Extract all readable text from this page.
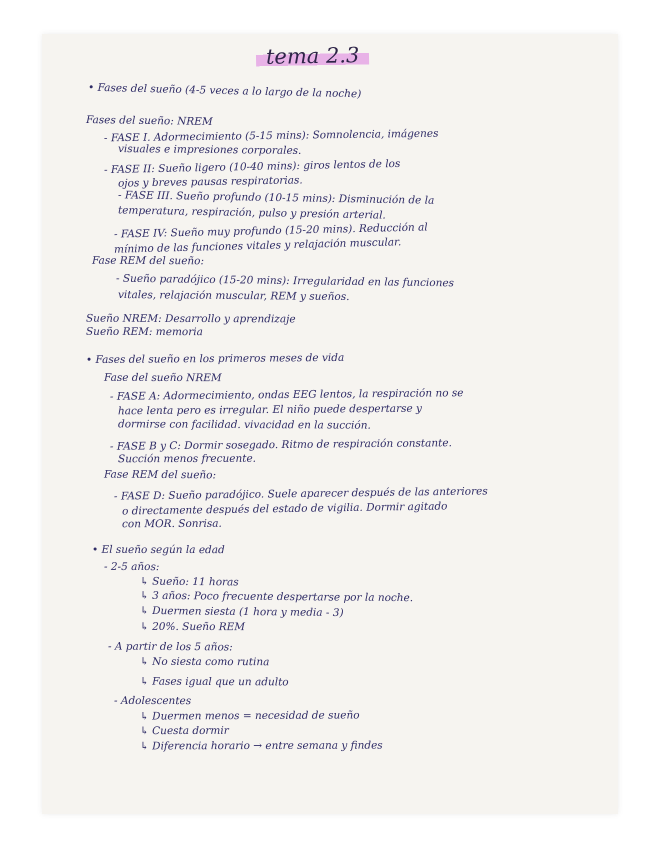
tema 2.3
• Fases del sueño (4-5 veces a lo largo de la noche)
Fases del sueño: NREM
- FASE I. Adormecimiento (5-15 mins): Somnolencia, imágenes
visuales e impresiones corporales.
- FASE II: Sueño ligero (10-40 mins): giros lentos de los
ojos y breves pausas respiratorias.
- FASE III. Sueño profundo (10-15 mins): Disminución de la
temperatura, respiración, pulso y presión arterial.
- FASE IV: Sueño muy profundo (15-20 mins). Reducción al
mínimo de las funciones vitales y relajación muscular.
Fase REM del sueño:
- Sueño paradójico (15-20 mins): Irregularidad en las funciones
vitales, relajación muscular, REM y sueños.
Sueño NREM: Desarrollo y aprendizaje
Sueño REM: memoria
• Fases del sueño en los primeros meses de vida
Fase del sueño NREM
- FASE A: Adormecimiento, ondas EEG lentos, la respiración no se
hace lenta pero es irregular. El niño puede despertarse y
dormirse con facilidad. vivacidad en la succión.
- FASE B y C: Dormir sosegado. Ritmo de respiración constante.
Succión menos frecuente.
Fase REM del sueño:
- FASE D: Sueño paradójico. Suele aparecer después de las anteriores
o directamente después del estado de vigilia. Dormir agitado
con MOR. Sonrisa.
• El sueño según la edad
- 2-5 años:
↳ Sueño: 11 horas
↳ 3 años: Poco frecuente despertarse por la noche.
↳ Duermen siesta (1 hora y media - 3)
↳ 20%. Sueño REM
- A partir de los 5 años:
↳ No siesta como rutina
↳ Fases igual que un adulto
- Adolescentes
↳ Duermen menos = necesidad de sueño
↳ Cuesta dormir
↳ Diferencia horario → entre semana y findes
